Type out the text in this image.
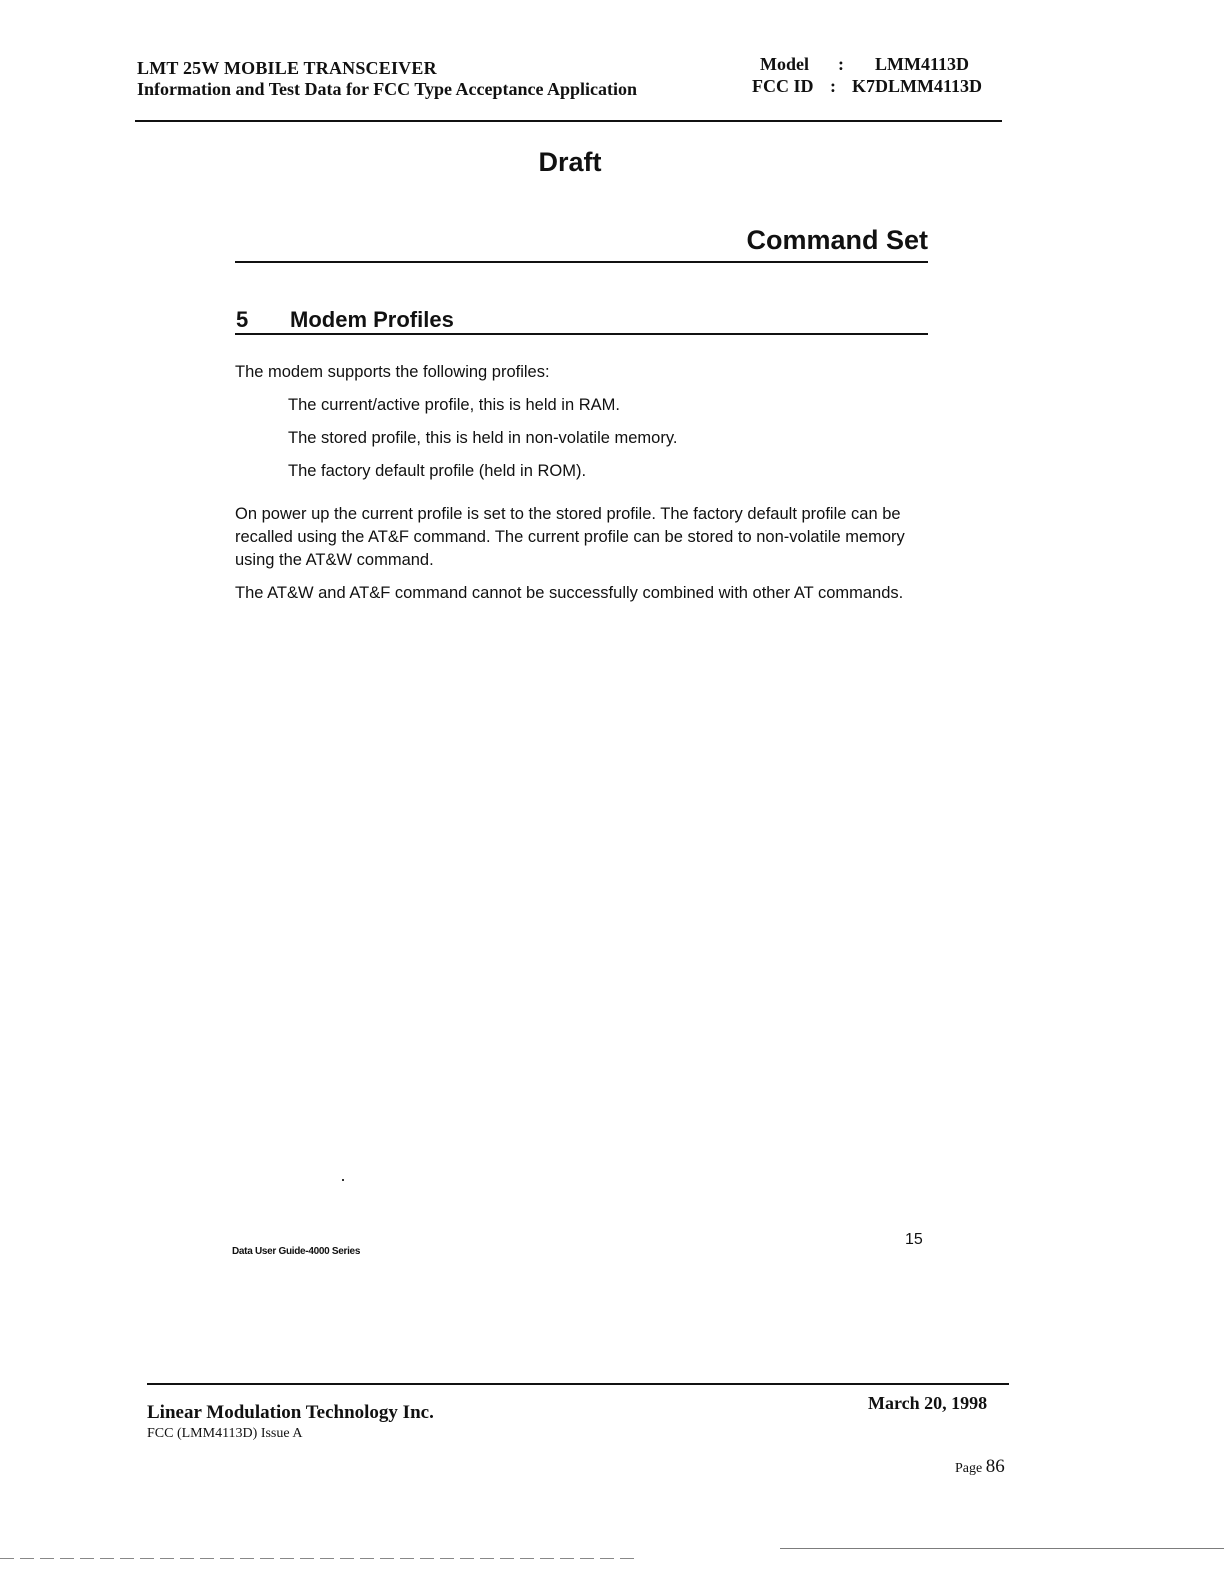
LMT 25W MOBILE TRANSCEIVER
Information and Test Data for FCC Type Acceptance Application
Model : LMM4113D
FCC ID : K7DLMM4113D
Draft
Command Set
5 Modem Profiles
The modem supports the following profiles:
The current/active profile, this is held in RAM.
The stored profile, this is held in non-volatile memory.
The factory default profile (held in ROM).
On power up the current profile is set to the stored profile. The factory default profile can be recalled using the AT&F command. The current profile can be stored to non-volatile memory using the AT&W command.
The AT&W and AT&F command cannot be successfully combined with other AT commands.
15
Data User Guide-4000 Series
Linear Modulation Technology Inc.
FCC (LMM4113D) Issue A
March 20, 1998
Page 86
